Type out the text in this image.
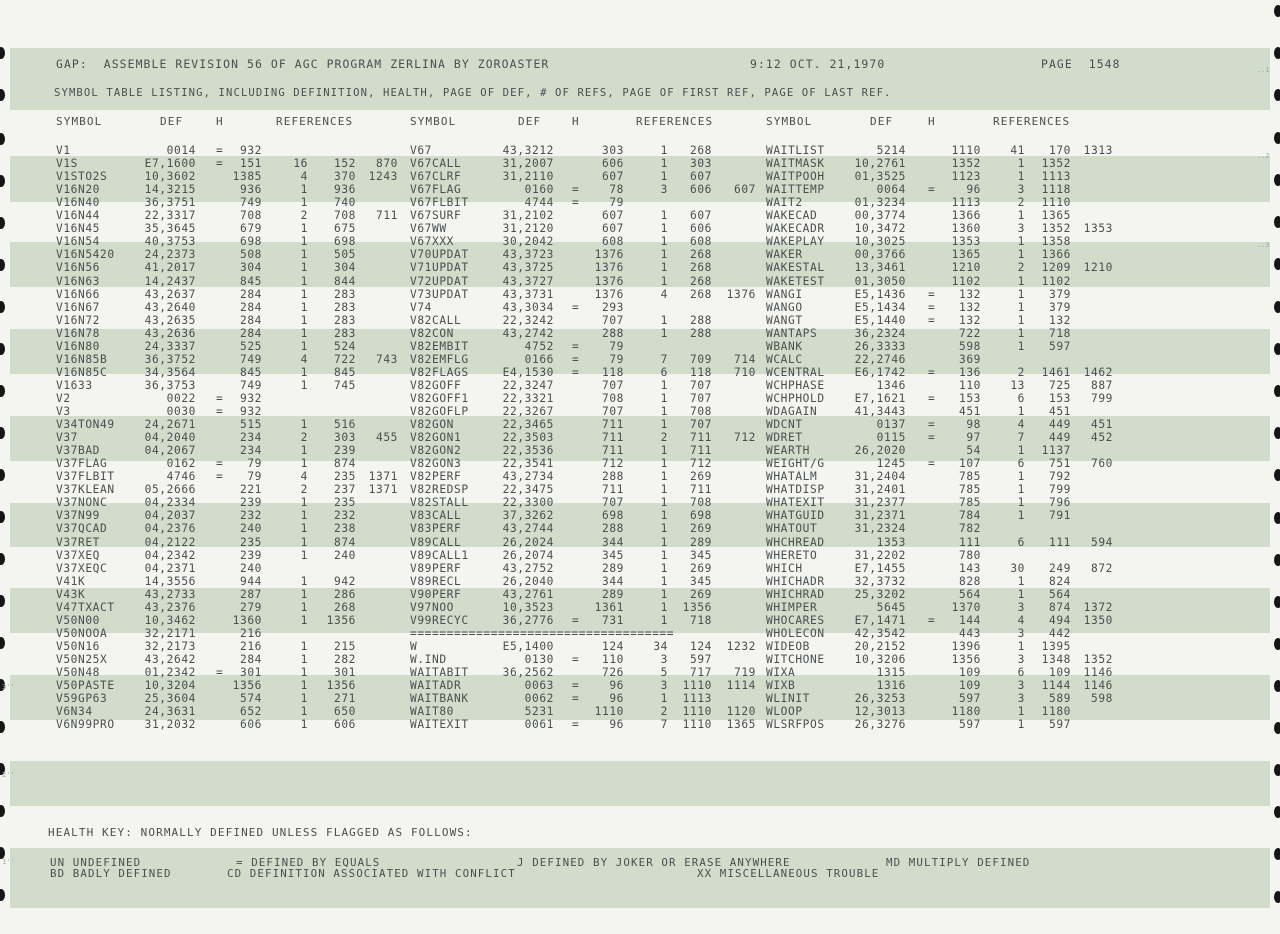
..1
..2
..3
3''
2''
1''
GAP:  ASSEMBLE REVISION 56 OF AGC PROGRAM ZERLINA BY ZOROASTER	9:12 OCT. 21,1970	PAGE  1548
SYMBOL TABLE LISTING, INCLUDING DEFINITION, HEALTH, PAGE OF DEF, # OF REFS, PAGE OF FIRST REF, PAGE OF LAST REF.
SYMBOL	DEF	H	REFERENCES	SYMBOL	DEF	H	REFERENCES	SYMBOL	DEF	H	REFERENCES
V1	0014 =	932
V1S	E7,1600 =	151	16	152	870
V1STO2S	10,3602	1385	4	370	1243
V16N20	14,3215	936	1	936
V16N40	36,3751	749	1	740
V16N44	22,3317	708	2	708	711
V16N45	35,3645	679	1	675
V16N54	40,3753	698	1	698
V16N5420	24,2373	508	1	505
V16N56	41,2017	304	1	304
V16N63	14,2437	845	1	844
V16N66	43,2637	284	1	283
V16N67	43,2640	284	1	283
V16N72	43,2635	284	1	283
V16N78	43,2636	284	1	283
V16N80	24,3337	525	1	524
V16N85B	36,3752	749	4	722	743
V16N85C	34,3564	845	1	845
V1633	36,3753	749	1	745
V2	0022 =	932
V3	0030 =	932
V34TON49	24,2671	515	1	516
V37	04,2040	234	2	303	455
V37BAD	04,2067	234	1	239
V37FLAG	0162 =	79	1	874
V37FLBIT	4746 =	79	4	235	1371
V37KLEAN	05,2666	221	2	237	1371
V37NONC	04,2334	239	1	235
V37N99	04,2037	232	1	232
V37QCAD	04,2376	240	1	238
V37RET	04,2122	235	1	874
V37XEQ	04,2342	239	1	240
V37XEQC	04,2371	240
V41K	14,3556	944	1	942
V43K	43,2733	287	1	286
V47TXACT	43,2376	279	1	268
V50N00	10,3462	1360	1	1356
V50NOOA	32,2171	216
V50N16	32,2173	216	1	215
V50N25X	43,2642	284	1	282
V50N48	01,2342 =	301	1	301
V50PASTE	10,3204	1356	1	1356
V59GP63	25,3604	574	1	271
V6N34	24,3631	652	1	650
V6N99PRO	31,2032	606	1	606
V67	43,3212	303	1	268
V67CALL	31,2007	606	1	303
V67CLRF	31,2110	607	1	607
V67FLAG	0160 =	78	3	606	607
V67FLBIT	4744 =	79
V67SURF	31,2102	607	1	607
V67WW	31,2120	607	1	606
V67XXX	30,2042	608	1	608
V70UPDAT	43,3723	1376	1	268
V71UPDAT	43,3725	1376	1	268
V72UPDAT	43,3727	1376	1	268
V73UPDAT	43,3731	1376	4	268	1376
V74	43,3034 =	293
V82CALL	22,3242	707	1	288
V82CON	43,2742	288	1	288
V82EMBIT	4752 =	79
V82EMFLG	0166 =	79	7	709	714
V82FLAGS	E4,1530 =	118	6	118	710
V82GOFF	22,3247	707	1	707
V82GOFF1	22,3321	708	1	707
V82GOFLP	22,3267	707	1	708
V82GON	22,3465	711	1	707
V82GON1	22,3503	711	2	711	712
V82GON2	22,3536	711	1	711
V82GON3	22,3541	712	1	712
V82PERF	43,2734	288	1	269
V82REDSP	22,3475	711	1	711
V82STALL	22,3300	707	1	708
V83CALL	37,3262	698	1	698
V83PERF	43,2744	288	1	269
V89CALL	26,2024	344	1	289
V89CALL1	26,2074	345	1	345
V89PERF	43,2752	289	1	269
V89RECL	26,2040	344	1	345
V90PERF	43,2761	289	1	269
V97NOO	10,3523	1361	1	1356
V99RECYC	36,2776 =	731	1	718
====================================
W	E5,1400	124	34	124	1232
W.IND	0130 =	110	3	597
WAITABIT	36,2562	726	5	717	719
WAITADR	0063 =	96	3	1110	1114
WAITBANK	0062 =	96	1	1113
WAIT80	5231	1110	2	1110	1120
WAITEXIT	0061 =	96	7	1110	1365
WAITLIST	5214	1110	41	170	1313
WAITMASK	10,2761	1352	1	1352
WAITPOOH	01,3525	1123	1	1113
WAITTEMP	0064 =	96	3	1118
WAIT2	01,3234	1113	2	1110
WAKECAD	00,3774	1366	1	1365
WAKECADR	10,3472	1360	3	1352	1353
WAKEPLAY	10,3025	1353	1	1358
WAKER	00,3766	1365	1	1366
WAKESTAL	13,3461	1210	2	1209	1210
WAKETEST	01,3050	1102	1	1102
WANGI	E5,1436 =	132	1	379
WANGO	E5,1434 =	132	1	379
WANGT	E5,1440 =	132	1	132
WANTAPS	36,2324	722	1	718
WBANK	26,3333	598	1	597
WCALC	22,2746	369
WCENTRAL	E6,1742 =	136	2	1461	1462
WCHPHASE	1346	110	13	725	887
WCHPHOLD	E7,1621 =	153	6	153	799
WDAGAIN	41,3443	451	1	451
WDCNT	0137 =	98	4	449	451
WDRET	0115 =	97	7	449	452
WEARTH	26,2020	54	1	1137
WEIGHT/G	1245 =	107	6	751	760
WHATALM	31,2404	785	1	792
WHATDISP	31,2401	785	1	799
WHATEXIT	31,2377	785	1	796
WHATGUID	31,2371	784	1	791
WHATOUT	31,2324	782
WHCHREAD	1353	111	6	111	594
WHERETO	31,2202	780
WHICH	E7,1455	143	30	249	872
WHICHADR	32,3732	828	1	824
WHICHRAD	25,3202	564	1	564
WHIMPER	5645	1370	3	874	1372
WHOCARES	E7,1471 =	144	4	494	1350
WHOLECON	42,3542	443	3	442
WIDEOB	20,2152	1396	1	1395
WITCHONE	10,3206	1356	3	1348	1352
WIXA	1315	109	6	109	1146
WIXB	1316	109	3	1144	1146
WLINIT	26,3253	597	3	589	598
WLOOP	12,3013	1180	1	1180
WLSRFPOS	26,3276	597	1	597
HEALTH KEY: NORMALLY DEFINED UNLESS FLAGGED AS FOLLOWS:
UN UNDEFINED	= DEFINED BY EQUALS	J DEFINED BY JOKER OR ERASE ANYWHERE	MD MULTIPLY DEFINED
BD BADLY DEFINED	CD DEFINITION ASSOCIATED WITH CONFLICT	XX MISCELLANEOUS TROUBLE
